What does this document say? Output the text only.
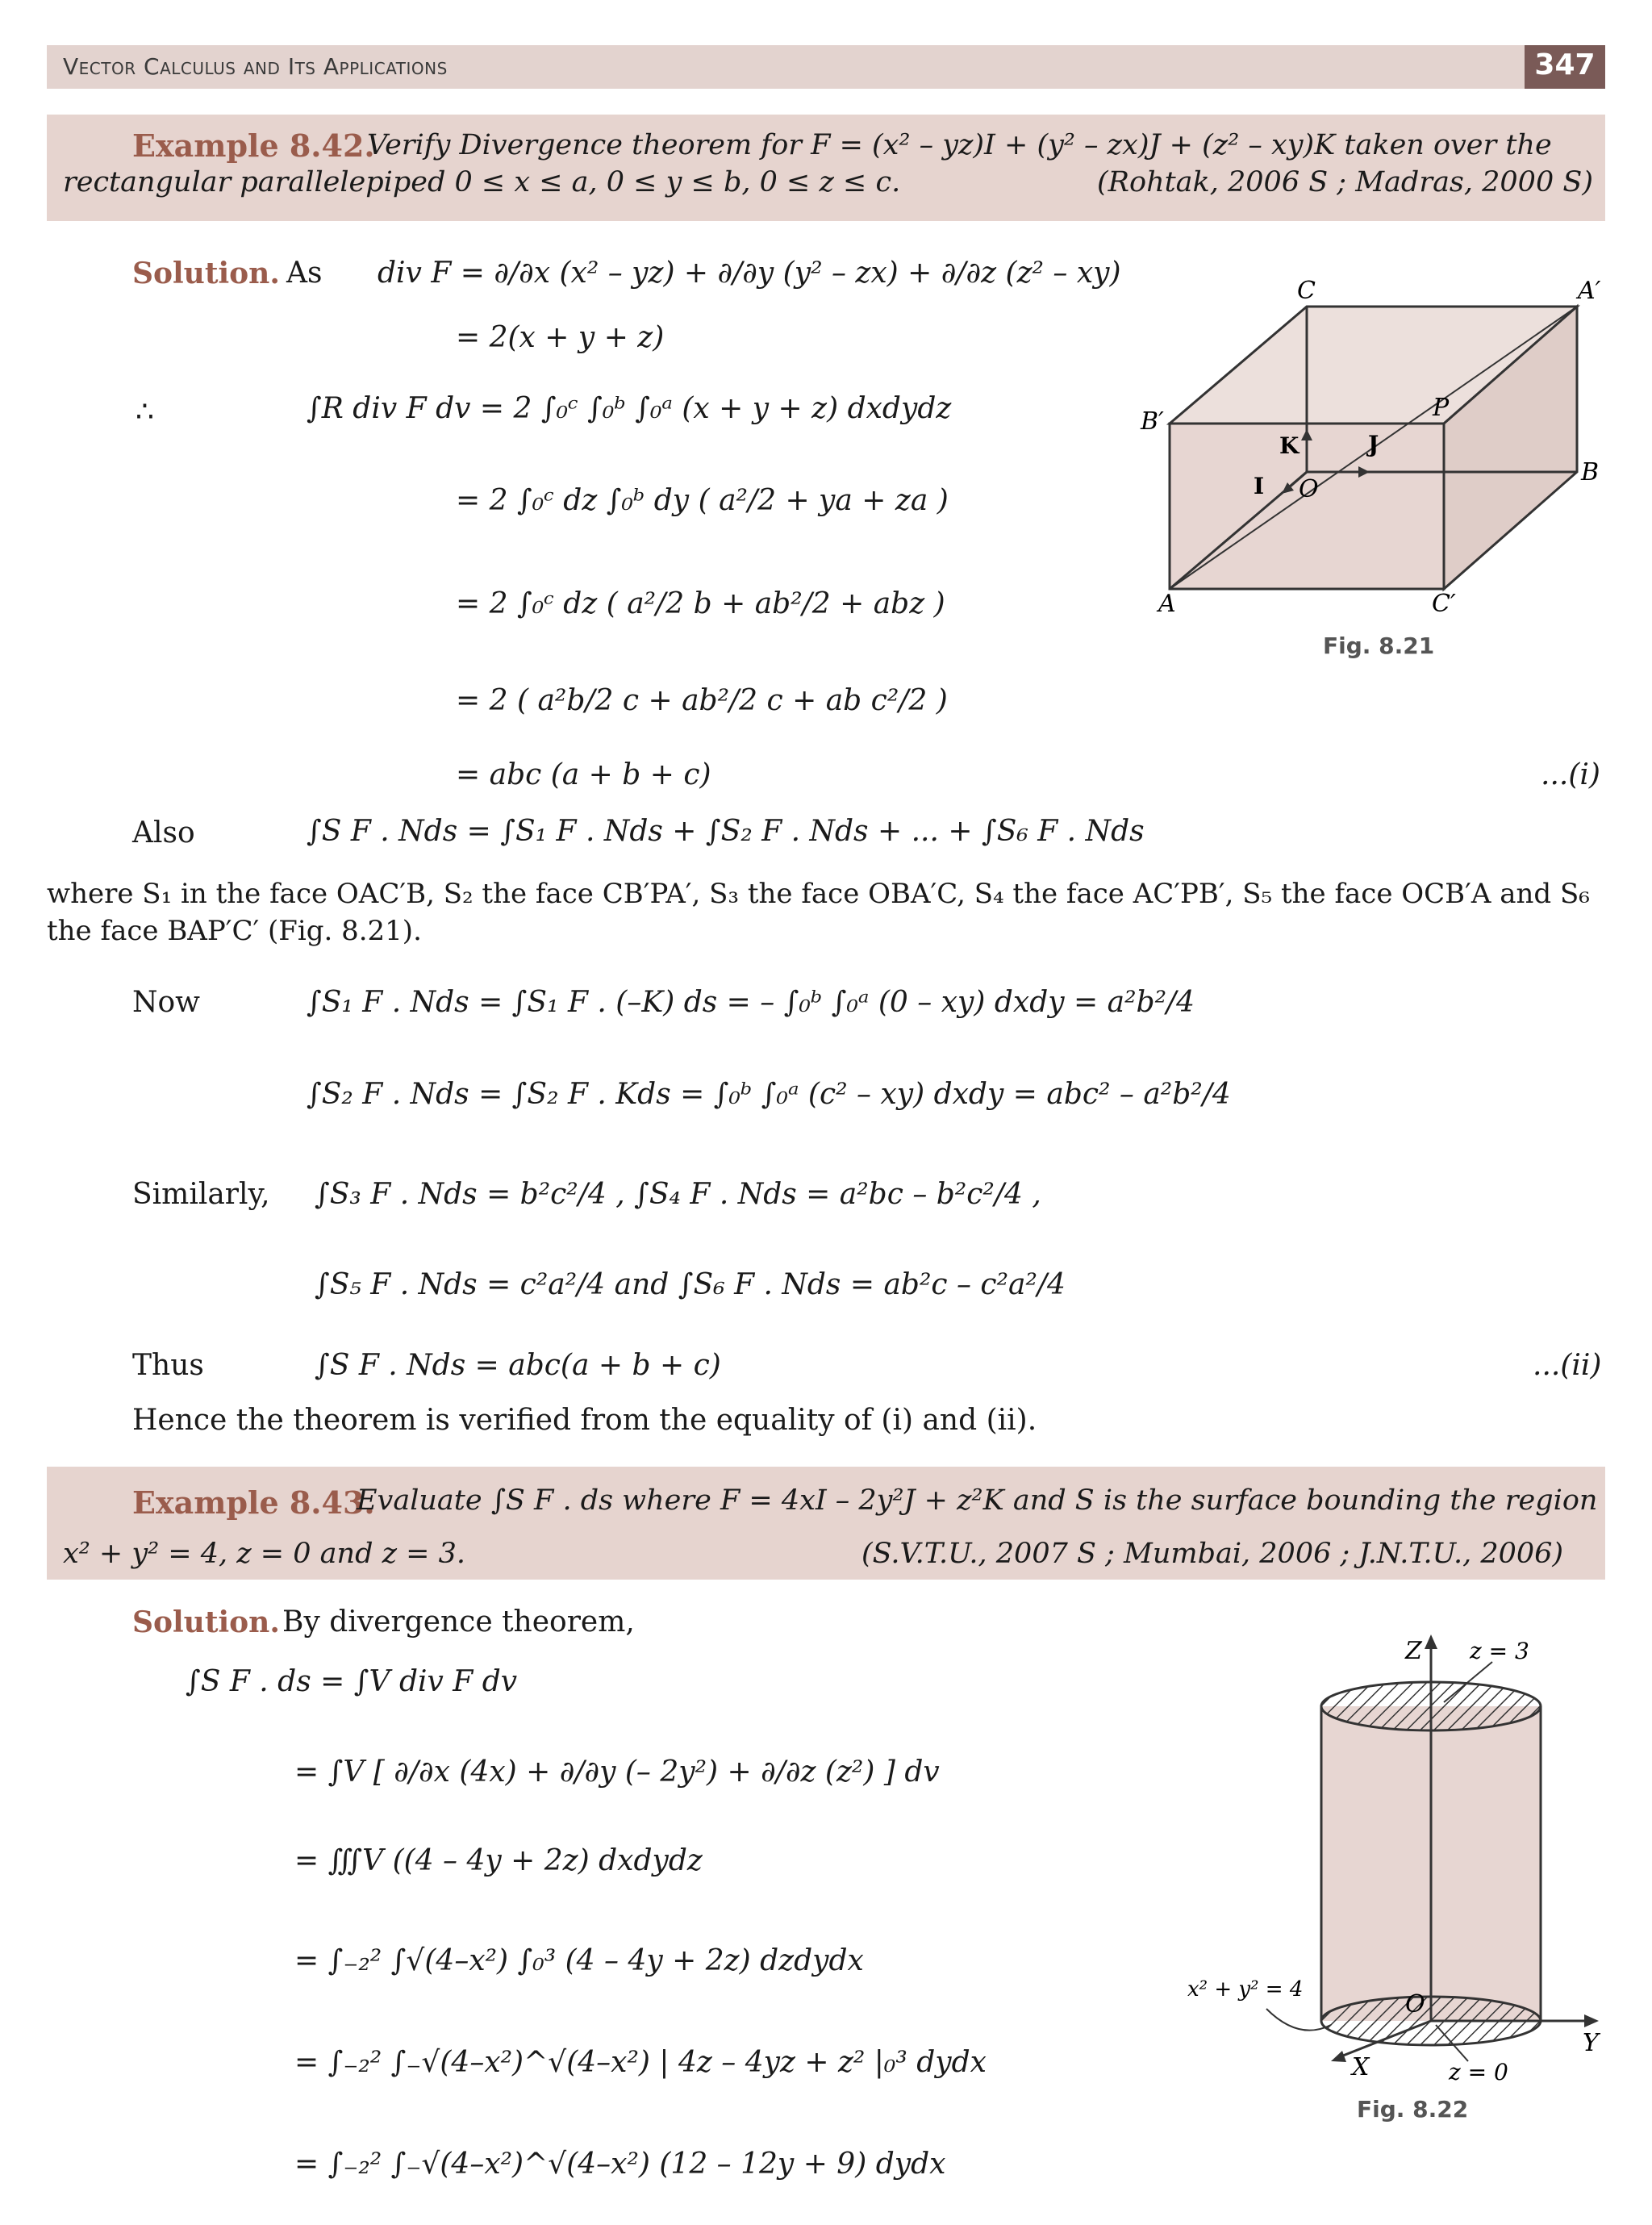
Vector Calculus and Its Applications	347
Example 8.42.
Verify Divergence theorem for F = (x² – yz)I + (y² – zx)J + (z² – xy)K taken over the
rectangular parallelepiped 0 ≤ x ≤ a, 0 ≤ y ≤ b, 0 ≤ z ≤ c.	(Rohtak, 2006 S ; Madras, 2000 S)
Solution. As div F = ∂/∂x (x² – yz) + ∂/∂y (y² – zx) + ∂/∂z (z² – xy)
= 2(x + y + z)
∴	∫R div F dv = 2 ∫₀ᶜ ∫₀ᵇ ∫₀ᵃ (x + y + z) dxdydz
= 2 ∫₀ᶜ dz ∫₀ᵇ dy ( a²/2 + ya + za )
= 2 ∫₀ᶜ dz ( a²/2 b + ab²/2 + abz )
= 2 ( a²b/2 c + ab²/2 c + ab c²/2 )
= abc (a + b + c)	...(i)
C	A′
B′	P
K	J
I O
B
A	C′
Fig. 8.21
Also	∫S F . Nds = ∫S₁ F . Nds + ∫S₂ F . Nds + ... + ∫S₆ F . Nds
where S₁ in the face OAC′B, S₂ the face CB′PA′, S₃ the face OBA′C, S₄ the face AC′PB′, S₅ the face OCB′A and S₆
the face BAP′C′ (Fig. 8.21).
Now	∫S₁ F . Nds = ∫S₁ F . (–K) ds = – ∫₀ᵇ ∫₀ᵃ (0 – xy) dxdy = a²b²/4
∫S₂ F . Nds = ∫S₂ F . Kds = ∫₀ᵇ ∫₀ᵃ (c² – xy) dxdy = abc² – a²b²/4
Similarly, ∫S₃ F . Nds = b²c²/4 , ∫S₄ F . Nds = a²bc – b²c²/4 ,
∫S₅ F . Nds = c²a²/4 and ∫S₆ F . Nds = ab²c – c²a²/4
Thus	∫S F . Nds = abc(a + b + c)	...(ii)
Hence the theorem is verified from the equality of (i) and (ii).
Example 8.43.
Evaluate ∫S F . ds where F = 4xI – 2y²J + z²K and S is the surface bounding the region
x² + y² = 4, z = 0 and z = 3.	(S.V.T.U., 2007 S ; Mumbai, 2006 ; J.N.T.U., 2006)
Solution. By divergence theorem,
∫S F . ds = ∫V div F dv
= ∫V [ ∂/∂x (4x) + ∂/∂y (– 2y²) + ∂/∂z (z²) ] dv
= ∭V ((4 – 4y + 2z) dxdydz
= ∫₋₂² ∫√(4–x²) ∫₀³ (4 – 4y + 2z) dzdydx
= ∫₋₂² ∫₋√(4–x²)^√(4–x²) | 4z – 4yz + z² |₀³ dydx
= ∫₋₂² ∫₋√(4–x²)^√(4–x²) (12 – 12y + 9) dydx
Z z = 3
x² + y² = 4
O
Y
X	z = 0
Fig. 8.22
